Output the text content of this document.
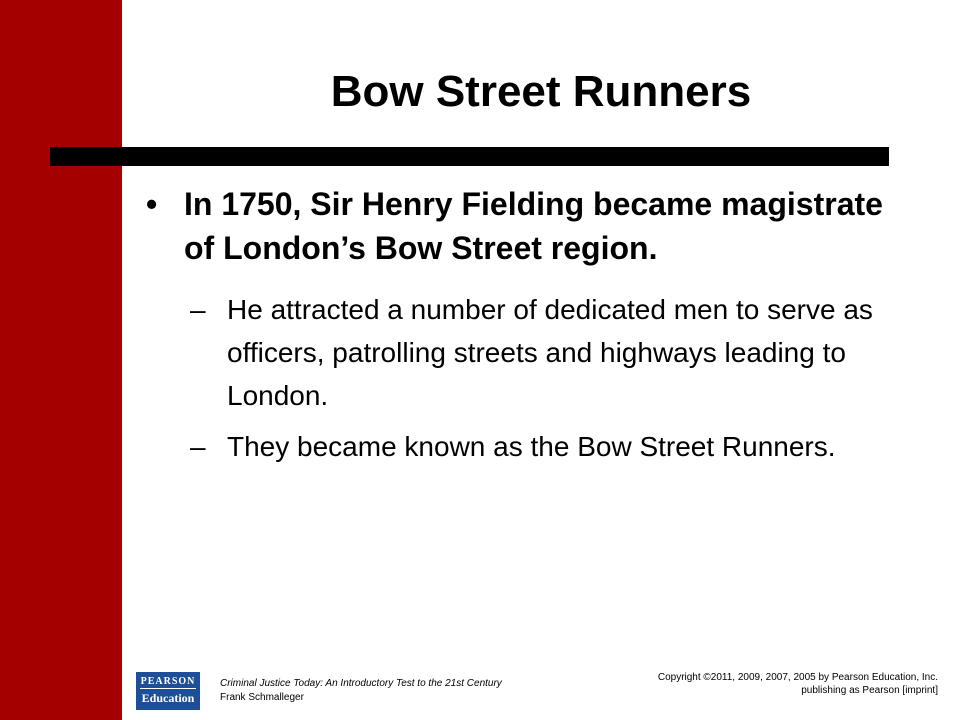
Bow Street Runners
• In 1750, Sir Henry Fielding became magistrate of London’s Bow Street region.
– He attracted a number of dedicated men to serve as officers, patrolling streets and highways leading to London.
– They became known as the Bow Street Runners.
PEARSON
Education
Criminal Justice Today: An Introductory Test to the 21st Century
Frank Schmalleger
Copyright ©2011, 2009, 2007, 2005 by Pearson Education, Inc.
publishing as Pearson [imprint]
